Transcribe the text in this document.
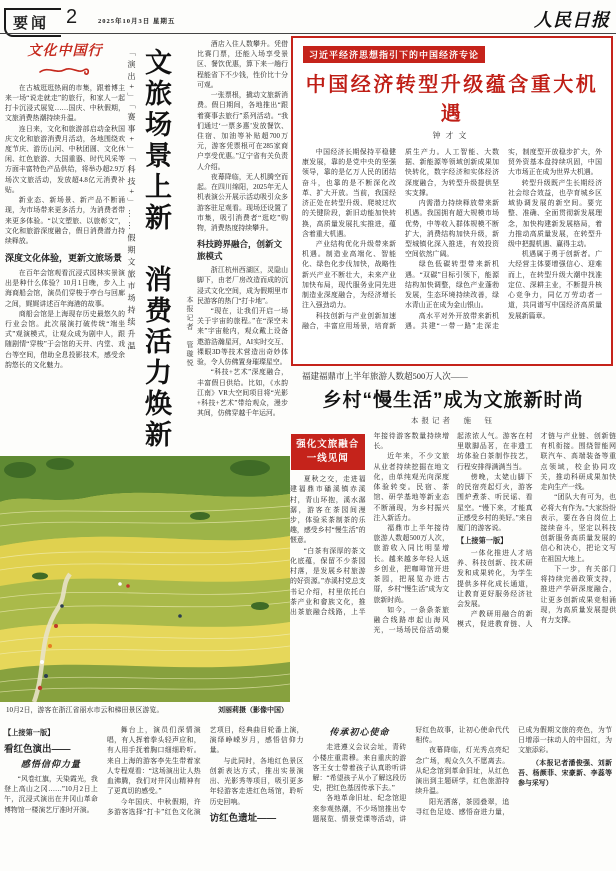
要闻 2	2025年10月3日 星期五	人民日报
文化中国行

在古城逛逛热闹的市集，跟着博主来一场“说走就走”的旅行，和家人一起打卡沉浸式展览……国庆、中秋假期，文旅消费热潮持续升温。

连日来，文化和旅游部启动金秋国庆文化和旅游消费月活动，各地围绕欢度节庆、游历山河、中秋团圆、文化休闲、红色旅游、大国重器、时代风采等方面丰富特色产品供给，将举办超2.9万场次文旅活动，发放超4.8亿元消费补贴。

新业态、新场景、新产品不断涌现，为市场带来更多活力，为消费者带来更多体验。“以文塑旅、以旅彰文”，文化和旅游深度融合，假日消费潜力持续释放。

深度文化体验，更新文旅场景

在百年会馆观看沉浸式园林实景演出是种什么体验？10月1日晚，步入上海商船会馆，演员们穿梭于亭台与回廊之间，娓娓讲述百年海港的故事。

商船会馆是上海现存历史最悠久的行业会馆。此次展演打破传统“端坐式”观演模式，让观众成为剧中人，跟随剧情“穿梭”于会馆的天井、内堂、戏台等空间，借助全息投影技术，感受余韵悠长的文化魅力。

「演出+」「赛事+」「科技+」……假期文旅市场持续升温 文旅场景上新　消费活力焕新	本报记者　管璇悦

酒店入住人数攀升。凭借比赛门票，还能入场享受景区、餐饮优惠，算下来一趟行程能省下不少钱，性价比十分可观。

一张票根，撬动文旅新消费。假日期间，各地推出“跟着赛事去旅行”系列活动。“我们通过‘一票多惠’发放餐饮、住宿、加油等补贴超700万元，游客凭票根可在285家商户享受优惠。”辽宁省有关负责人介绍。

夜幕降临，无人机腾空而起。在四川绵阳，2025年无人机表演公开展示活动吸引众多游客驻足观看。现场还设置了市集，吸引消费者“逛吃”购物，消费热度持续攀升。

科技跨界融合，创新文旅模式

浙江杭州西湖区，灵隐山脚下，由老厂房改造而成的沉浸式文化空间，成为假期里市民游客的热门“打卡地”。

“现在，让我们开启一场关于宇宙的旅程。”在“深空未来”宇宙舱内，观众戴上设备遨游浩瀚星河，AI实时交互、裸眼3D等技术营造出奇妙体验，令人仿佛置身璀璨星空。

“科技+艺术”深度融合，丰富假日供给。比如，《水韵江南》VR大空间项目将“光影+科技+艺术”带给观众，漫步其间，仿佛穿越千年运河。

习近平经济思想指引下的中国经济专论
中国经济转型升级蕴含重大机遇
钟才文

中国经济长期保持平稳健康发展，靠的是党中央的坚强领导，靠的是亿万人民的团结奋斗，也靠的是不断深化改革、扩大开放。当前，我国经济正处在转型升级、爬坡过坎的关键阶段，新旧动能加快转换，高质量发展扎实推进，蕴含着重大机遇。

产业结构优化升级带来新机遇。制造业高端化、智能化、绿色化步伐加快，战略性新兴产业不断壮大，未来产业加快布局，现代服务业同先进制造业深度融合，为经济增长注入强劲动力。

科技创新与产业创新加速融合，丰富应用场景，培育新质生产力。人工智能、大数据、新能源等领域创新成果加快转化，数字经济和实体经济深度融合，为转型升级提供坚实支撑。

内需潜力持续释放带来新机遇。我国拥有超大规模市场优势，中等收入群体规模不断扩大，消费结构加快升级，新型城镇化深入推进，有效投资空间依然广阔。

绿色低碳转型带来新机遇。“双碳”目标引领下，能源结构加快调整，绿色产业蓬勃发展，生态环境持续改善，绿水青山正在成为金山银山。

高水平对外开放带来新机遇。共建“一带一路”走深走实，制度型开放稳步扩大，外贸外资基本盘持续巩固，中国大市场正在成为世界大机遇。

转型升级既产生长期经济社会综合效益，也孕育城乡区域协调发展的新空间。要完整、准确、全面贯彻新发展理念，加快构建新发展格局，着力推动高质量发展，在转型升级中把握机遇、赢得主动。

机遇属于勇于创新者。广大经营主体要增强信心、迎难而上，在转型升级大潮中找准定位、深耕主业，不断提升核心竞争力，同亿万劳动者一道，共同谱写中国经济高质量发展新篇章。

福建福鼎市上半年旅游人数超500万人次——
乡村“慢生活”成为文旅新时尚
本报记者　施　钰
强化文旅融合一线见闻

夏秋之交，走进福建福鼎市磻溪镇赤溪村，青山环抱，溪水潺潺，游客在茶园间漫步，体验采茶制茶的乐趣，感受乡村“慢生活”的惬意。

“白茶有深厚的茶文化底蕴，保留不少茶园村落，是发展乡村旅游的好资源。”赤溪村党总支书记介绍，村里依托白茶产业和畲族文化，推出茶旅融合线路，上半年接待游客数量持续增长。

近年来，不少文旅从业者持续挖掘在地文化，由单纯观光向深度体验转变。民宿、茶馆、研学基地等新业态不断涌现，为乡村振兴注入新活力。

福鼎市上半年接待旅游人数超500万人次，旅游收入同比明显增长。越来越多年轻人返乡创业，把咖啡馆开进茶园，把展览办进古厝，乡村“慢生活”成为文旅新时尚。

如今，一条条茶旅融合线路串起山海风光，一场场民俗活动聚起浓浓人气。游客在村里歇脚品茗，在非遗工坊体验白茶制作技艺，行程安排得满满当当。

傍晚，太姥山脚下的民宿亮起灯火，游客围炉煮茶、听民谣、看星空。“慢下来，才能真正感受乡村的美好。”来自厦门的游客说。

【上接第一版】

一体化推进人才培养、科技创新、技术研发和成果转化，为学生提供多样化成长通道，让教育更好服务经济社会发展。

产教研用融合的新模式，促进教育链、人才链与产业链、创新链有机衔接。围绕智能网联汽车、高端装备等重点领域，校企协同攻关，推动科研成果加快走向生产一线。

“团队大有可为，也必将大有作为。”大家纷纷表示，要在各自岗位上接续奋斗，坚定以科技创新服务高质量发展的信心和决心，把论文写在祖国大地上。

下一步，有关部门将持续完善政策支持，推进产学研深度融合，让更多创新成果竞相涌现，为高质量发展提供有力支撑。

10月2日，游客在浙江省丽水市云和梯田景区游览。	刘丽莉摄（影像中国）
【上接第一版】
看红色演出——
感悟信仰力量

“风卷红旗，天染霞光，我登上高山之冈……”10月2日上午，沉浸式演出在井冈山革命博物馆一楼演艺厅准时开演。

舞台上，演员们深情演唱，有人挥着拳头轻声应和，有人用手抚着胸口细细聆听。来自上海的游客李先生带着家人专程观看：“这场演出让人热血沸腾，我们对井冈山精神有了更真切的感受。”

今年国庆、中秋假期，许多游客选择“打卡”红色文化演艺项目，经典曲目轮番上演，演绎峥嵘岁月，感悟信仰力量。

与此同时，各地红色景区创新表达方式，推出实景演出、光影秀等项目，吸引更多年轻游客走进红色场馆，聆听历史回响。

访红色遗址——
传承初心使命

走进遵义会议会址，青砖小楼庄重肃穆。来自重庆的游客王女士带着孩子认真聆听讲解：“希望孩子从小了解这段历史，把红色基因传承下去。”

各地革命旧址、纪念馆迎来参观热潮，不少场馆推出专题展览、情景党课等活动，讲好红色故事，让初心使命代代相传。

夜幕降临，灯光秀点亮纪念广场，观众久久不愿离去。从纪念馆到革命旧址，从红色演出到主题研学，红色旅游持续升温。

阳光洒落，茶园叠翠，追寻红色足迹、感悟奋进力量，已成为假期文旅的亮色，为节日增添一抹动人的中国红，为文旅添彩。

（本报记者潘俊强、刘新吾、杨颜菲、宋豪新、李蕊等参与采写）
